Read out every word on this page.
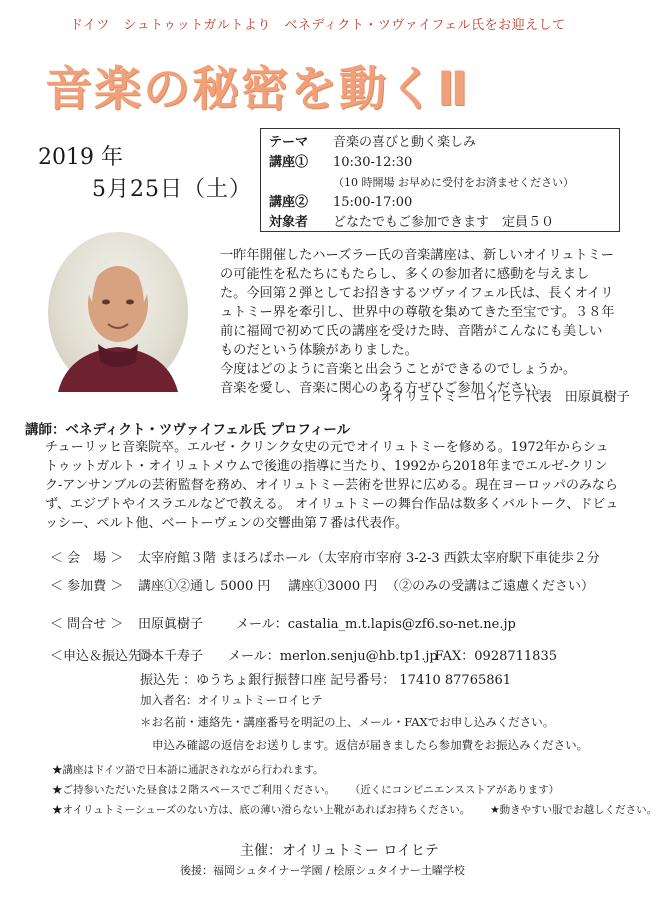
ドイツ　シュトゥットガルトより　ベネディクト・ツヴァイフェル氏をお迎えして
音楽の秘密を動くⅡ
2019 年
5月25日（土）
テーマ 音楽の喜びと動く楽しみ
講座① 10:30-12:30
（10 時開場 お早めに受付をお済ませください）
講座② 15:00-17:00
対象者 どなたでもご参加できます　定員５０

一昨年開催したハーズラー氏の音楽講座は、新しいオイリュトミーの可能性を私たちにもたらし、多くの参加者に感動を与えました。今回第２弾としてお招きするツヴァイフェル氏は、長くオイリュトミー界を牽引し、世界中の尊敬を集めてきた至宝です。３８年前に福岡で初めて氏の講座を受けた時、音階がこんなにも美しいものだという体験がありました。

今度はどのように音楽と出会うことができるのでしょうか。

音楽を愛し、音楽に関心のある方ぜひご参加ください。

オイリュトミー ロイヒテ代表　田原眞樹子
講師：ベネディクト・ツヴァイフェル氏 プロフィール
チューリッヒ音楽院卒。エルゼ・クリンク女史の元でオイリュトミーを修める。1972年からシュトゥットガルト・オイリュトメウムで後進の指導に当たり、1992から2018年までエルゼ-クリンク-アンサンブルの芸術監督を務め、オイリュトミー芸術を世界に広める。現在ヨーロッパのみならず、エジプトやイスラエルなどで教える。 オイリュトミーの舞台作品は数多くバルトーク、ドビュッシー、ペルト他、ベートーヴェンの交響曲第７番は代表作。
＜ 会　場 ＞ 太宰府館３階 まほろばホール（太宰府市宰府 3-2-3 西鉄太宰府駅下車徒歩２分
＜ 参加費 ＞ 講座①②通し 5000 円 講座①3000 円 （②のみの受講はご遠慮ください）
＜ 問合せ ＞ 田原眞樹子	メール：castalia_m.t.lapis@zf6.so-net.ne.jp
＜申込＆振込先＞岡本千寿子 メール：merlon.senju@hb.tp1.jpFAX：0928711835
振込先 ：ゆうちょ銀行振替口座 記号番号： 17410 87765861
加入者名：オイリュトミーロイヒテ
＊お名前・連絡先・講座番号を明記の上、メール・FAXでお申し込みください。
申込み確認の返信をお送りします。返信が届きましたら参加費をお振込みください。
★講座はドイツ語で日本語に通訳されながら行われます。
★ご持参いただいた昼食は２階スペースでご利用ください。 （近くにコンビニエンスストアがあります）
★オイリュトミーシューズのない方は、底の薄い滑らない上靴があればお持ちください。 ★動きやすい服でお越しください。
主催：オイリュトミー ロイヒテ
後援：福岡シュタイナー学園 / 桧原シュタイナー土曜学校
